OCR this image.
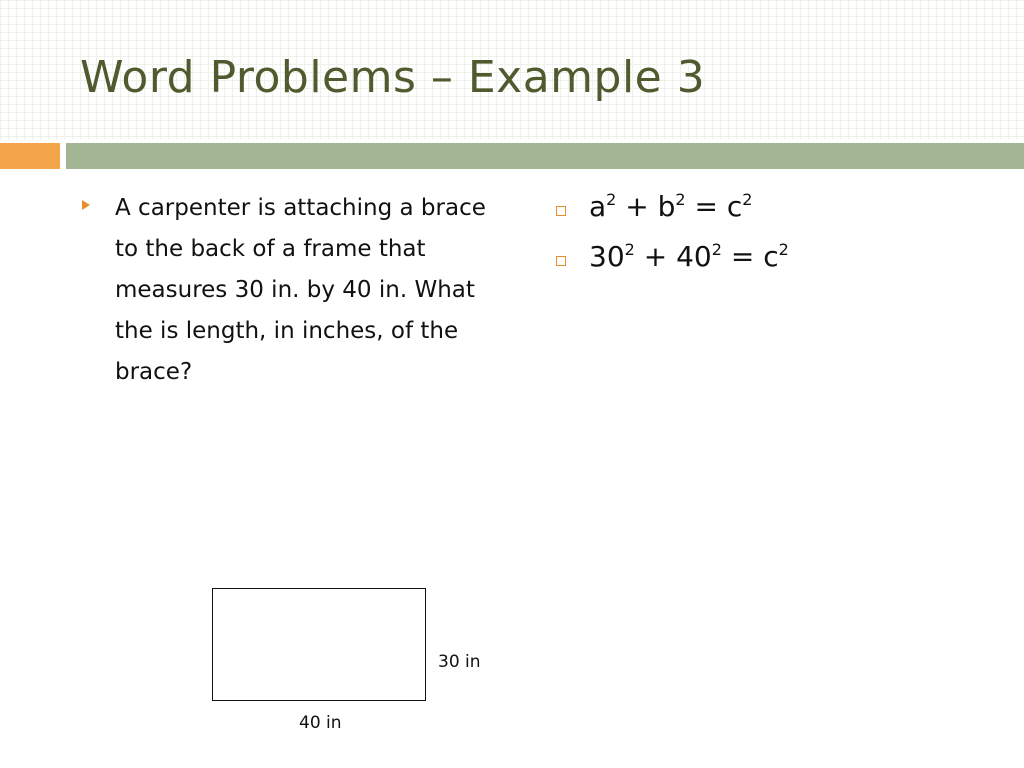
Word Problems – Example 3

A carpenter is attaching a brace to the back of a frame that measures 30 in. by 40 in. What the is length, in inches, of the brace?

$a^2 + b^2 = c^2$
$30^2 + 40^2 = c^2$
30 in
40 in
